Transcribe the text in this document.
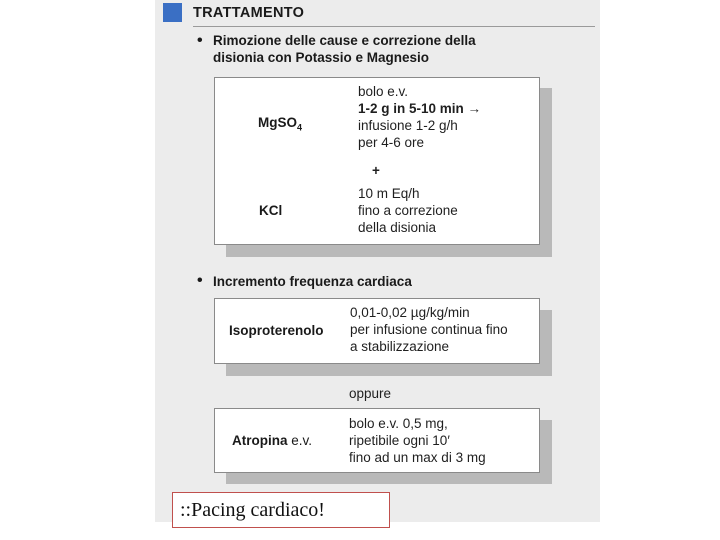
TRATTAMENTO
• Rimozione delle cause e correzione della
disionia con Potassio e Magnesio
MgSO$_4$
bolo e.v.
1-2 g in 5-10 min →
infusione 1-2 g/h
per 4-6 ore
+
KCl
10 m Eq/h
fino a correzione
della disionia
• Incremento frequenza cardiaca
Isoproterenolo
0,01-0,02 µg/kg/min
per infusione continua fino
a stabilizzazione
oppure
Atropina e.v.
bolo e.v. 0,5 mg,
ripetibile ogni 10′
fino ad un max di 3 mg
::Pacing cardiaco!
